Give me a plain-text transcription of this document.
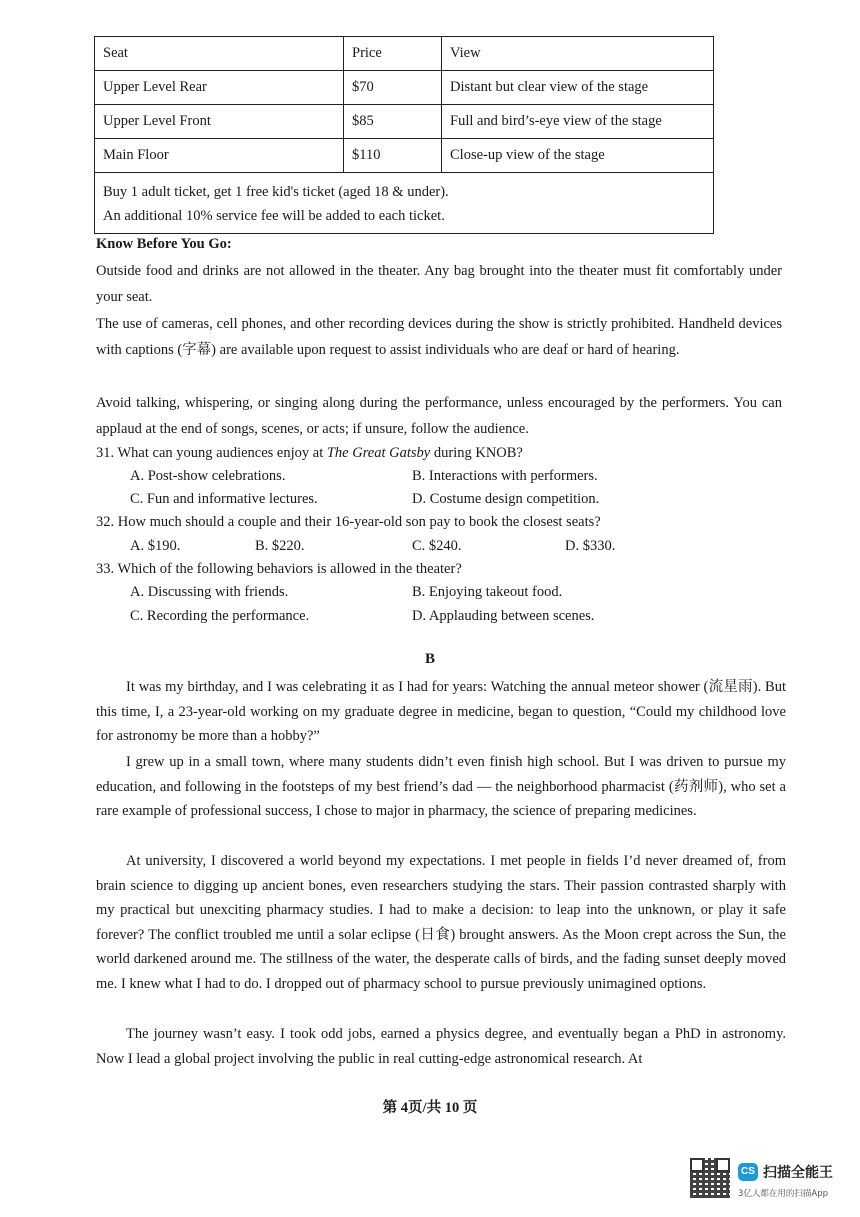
Seat	Price	View
Upper Level Rear	$70	Distant but clear view of the stage
Upper Level Front	$85	Full and bird’s-eye view of the stage
Main Floor	$110	Close-up view of the stage

Buy 1 adult ticket, get 1 free kid's ticket (aged 18 & under).
An additional 10% service fee will be added to each ticket.		
Know Before You Go:

Outside food and drinks are not allowed in the theater. Any bag brought into the theater must fit comfortably under your seat.

The use of cameras, cell phones, and other recording devices during the show is strictly prohibited. Handheld devices with captions (字幕) are available upon request to assist individuals who are deaf or hard of hearing.

Avoid talking, whispering, or singing along during the performance, unless encouraged by the performers. You can applaud at the end of songs, scenes, or acts; if unsure, follow the audience.

31. What can young audiences enjoy at The Great Gatsby during KNOB?
A. Post-show celebrations.	B. Interactions with performers.
C. Fun and informative lectures.	D. Costume design competition.
32. How much should a couple and their 16-year-old son pay to book the closest seats?
A. $190.	B. $220.	C. $240.	D. $330.
33. Which of the following behaviors is allowed in the theater?
A. Discussing with friends.	B. Enjoying takeout food.
C. Recording the performance.	D. Applauding between scenes.
B

It was my birthday, and I was celebrating it as I had for years: Watching the annual meteor shower (流星雨). But this time, I, a 23-year-old working on my graduate degree in medicine, began to question, “Could my childhood love for astronomy be more than a hobby?”

I grew up in a small town, where many students didn’t even finish high school. But I was driven to pursue my education, and following in the footsteps of my best friend’s dad — the neighborhood pharmacist (药剂师), who set a rare example of professional success, I chose to major in pharmacy, the science of preparing medicines.

At university, I discovered a world beyond my expectations. I met people in fields I’d never dreamed of, from brain science to digging up ancient bones, even researchers studying the stars. Their passion contrasted sharply with my practical but unexciting pharmacy studies. I had to make a decision: to leap into the unknown, or play it safe forever? The conflict troubled me until a solar eclipse (日食) brought answers. As the Moon crept across the Sun, the world darkened around me. The stillness of the water, the desperate calls of birds, and the fading sunset deeply moved me. I knew what I had to do. I dropped out of pharmacy school to pursue previously unimagined options.

The journey wasn’t easy. I took odd jobs, earned a physics degree, and eventually began a PhD in astronomy. Now I lead a global project involving the public in real cutting-edge astronomical research. At

第 4页/共 10 页
CS 扫描全能王
3亿人都在用的扫描App
